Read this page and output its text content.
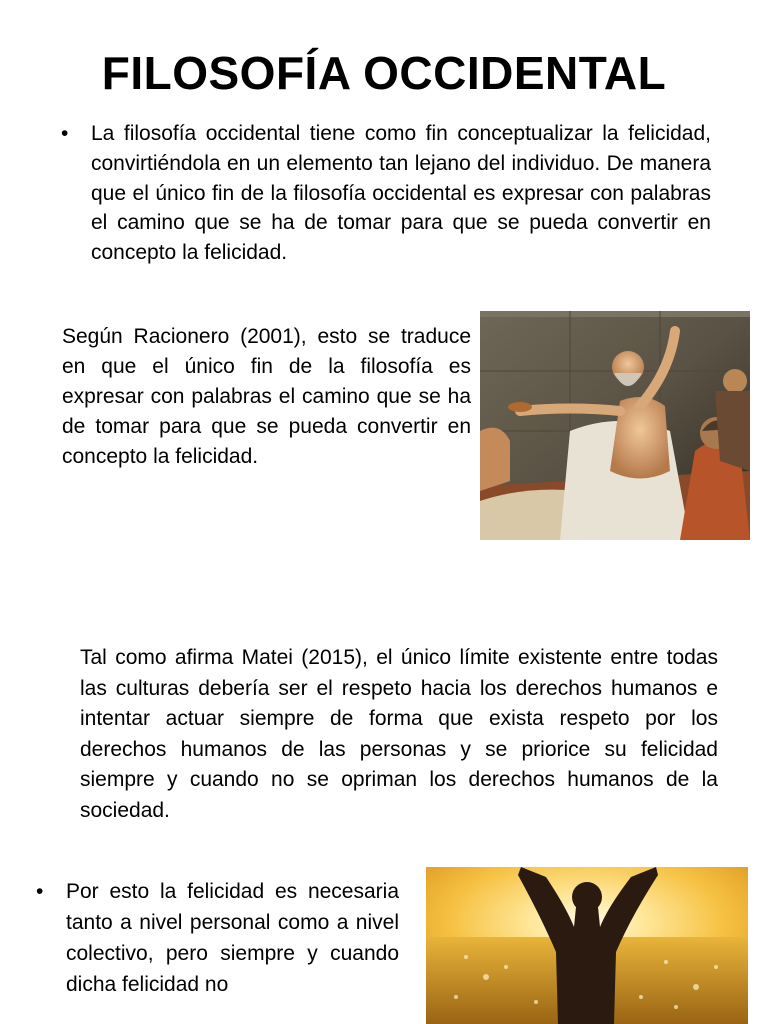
FILOSOFÍA OCCIDENTAL
• La filosofía occidental tiene como fin conceptualizar la felicidad, convirtiéndola en un elemento tan lejano del individuo. De manera que el único fin de la filosofía occidental es expresar con palabras el camino que se ha de tomar para que se pueda convertir en concepto la felicidad.

Según Racionero (2001), esto se traduce en que el único fin de la filosofía es expresar con palabras el camino que se ha de tomar para que se pueda convertir en concepto la felicidad.

Tal como afirma Matei (2015), el único límite existente entre todas las culturas debería ser el respeto hacia los derechos humanos e intentar actuar siempre de forma que exista respeto por los derechos humanos de las personas y se priorice su felicidad siempre y cuando no se opriman los derechos humanos de la sociedad.

• Por esto la felicidad es necesaria tanto a nivel personal como a nivel colectivo, pero siempre y cuando dicha felicidad no
